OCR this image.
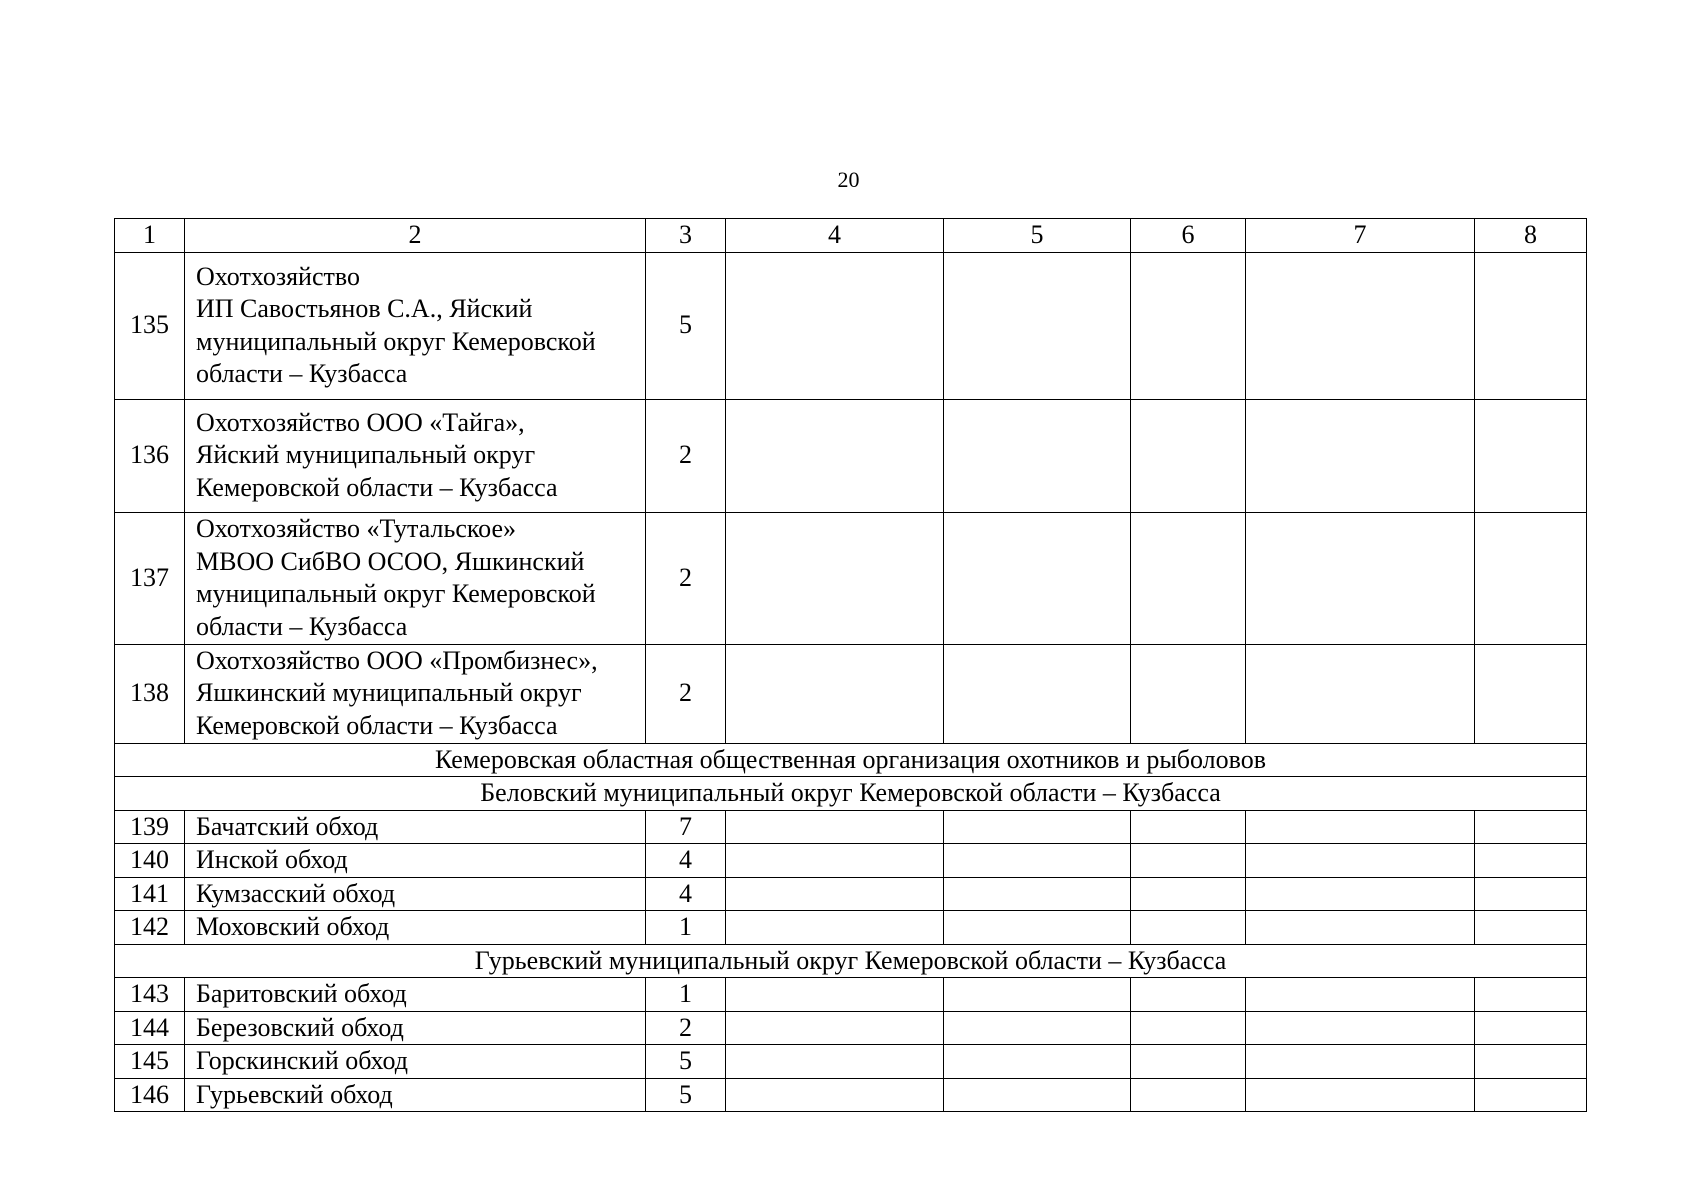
20
1	2	3	4	5	6	7	8
135	Охотхозяйство
ИП Савостьянов С.А., Яйский
муниципальный округ Кемеровской
области – Кузбасса	5					
136	Охотхозяйство ООО «Тайга»,
Яйский муниципальный округ
Кемеровской области – Кузбасса	2					
137	Охотхозяйство «Тутальское»
МВОО СибВО ОСОО, Яшкинский
муниципальный округ Кемеровской
области – Кузбасса	2					
138	Охотхозяйство ООО «Промбизнес»,
Яшкинский муниципальный округ
Кемеровской области – Кузбасса	2					
Кемеровская областная общественная организация охотников и рыболовов							
Беловский муниципальный округ Кемеровской области – Кузбасса							
139	Бачатский обход	7					
140	Инской обход	4					
141	Кумзасский обход	4					
142	Моховский обход	1					
Гурьевский муниципальный округ Кемеровской области – Кузбасса							
143	Баритовский обход	1					
144	Березовский обход	2					
145	Горскинский обход	5					
146	Гурьевский обход	5					
